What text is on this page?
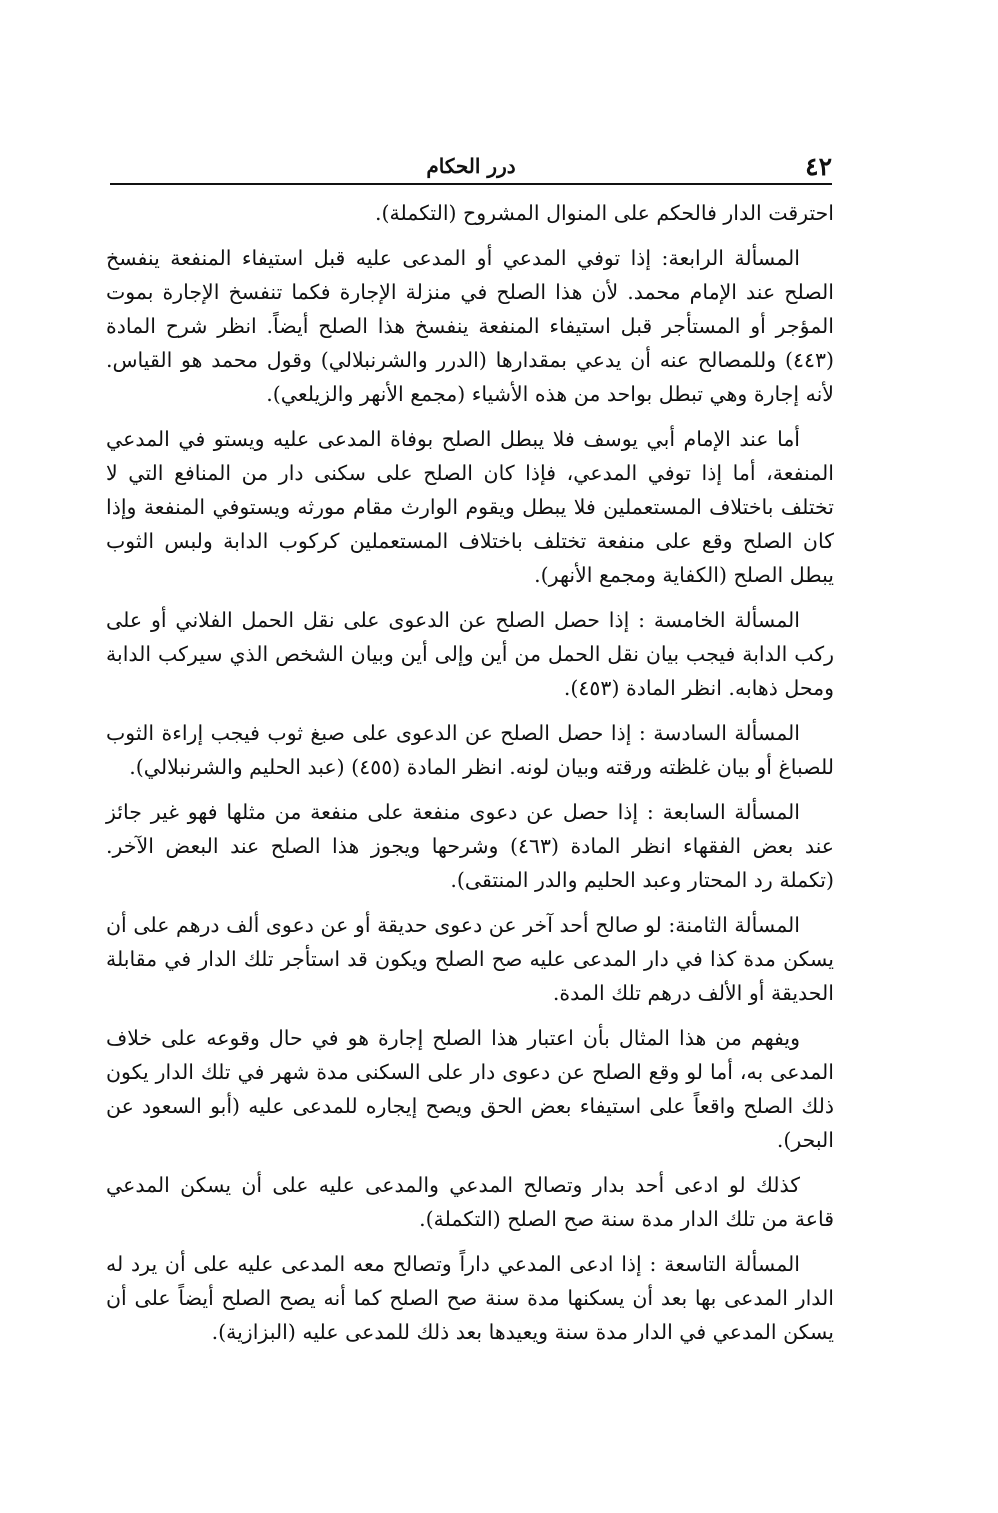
٤٢
درر الحكام

احترقت الدار فالحكم على المنوال المشروح (التكملة).

المسألة الرابعة: إذا توفي المدعي أو المدعى عليه قبل استيفاء المنفعة ينفسخ الصلح عند الإمام محمد. لأن هذا الصلح في منزلة الإجارة فكما تنفسخ الإجارة بموت المؤجر أو المستأجر قبل استيفاء المنفعة ينفسخ هذا الصلح أيضاً. انظر شرح المادة (٤٤٣) وللمصالح عنه أن يدعي بمقدارها (الدرر والشرنبلالي) وقول محمد هو القياس. لأنه إجارة وهي تبطل بواحد من هذه الأشياء (مجمع الأنهر والزيلعي).

أما عند الإمام أبي يوسف فلا يبطل الصلح بوفاة المدعى عليه ويستو في المدعي المنفعة، أما إذا توفي المدعي، فإذا كان الصلح على سكنى دار من المنافع التي لا تختلف باختلاف المستعملين فلا يبطل ويقوم الوارث مقام مورثه ويستوفي المنفعة وإذا كان الصلح وقع على منفعة تختلف باختلاف المستعملين كركوب الدابة ولبس الثوب يبطل الصلح (الكفاية ومجمع الأنهر).

المسألة الخامسة : إذا حصل الصلح عن الدعوى على نقل الحمل الفلاني أو على ركب الدابة فيجب بيان نقل الحمل من أين وإلى أين وبيان الشخص الذي سيركب الدابة ومحل ذهابه. انظر المادة (٤٥٣).

المسألة السادسة : إذا حصل الصلح عن الدعوى على صبغ ثوب فيجب إراءة الثوب للصباغ أو بيان غلظته ورقته وبيان لونه. انظر المادة (٤٥٥) (عبد الحليم والشرنبلالي).

المسألة السابعة : إذا حصل عن دعوى منفعة على منفعة من مثلها فهو غير جائز عند بعض الفقهاء انظر المادة (٤٦٣) وشرحها ويجوز هذا الصلح عند البعض الآخر. (تكملة رد المحتار وعبد الحليم والدر المنتقى).

المسألة الثامنة: لو صالح أحد آخر عن دعوى حديقة أو عن دعوى ألف درهم على أن يسكن مدة كذا في دار المدعى عليه صح الصلح ويكون قد استأجر تلك الدار في مقابلة الحديقة أو الألف درهم تلك المدة.

ويفهم من هذا المثال بأن اعتبار هذا الصلح إجارة هو في حال وقوعه على خلاف المدعى به، أما لو وقع الصلح عن دعوى دار على السكنى مدة شهر في تلك الدار يكون ذلك الصلح واقعاً على استيفاء بعض الحق ويصح إيجاره للمدعى عليه (أبو السعود عن البحر).

كذلك لو ادعى أحد بدار وتصالح المدعي والمدعى عليه على أن يسكن المدعي قاعة من تلك الدار مدة سنة صح الصلح (التكملة).

المسألة التاسعة : إذا ادعى المدعي داراً وتصالح معه المدعى عليه على أن يرد له الدار المدعى بها بعد أن يسكنها مدة سنة صح الصلح كما أنه يصح الصلح أيضاً على أن يسكن المدعي في الدار مدة سنة ويعيدها بعد ذلك للمدعى عليه (البزازية).
